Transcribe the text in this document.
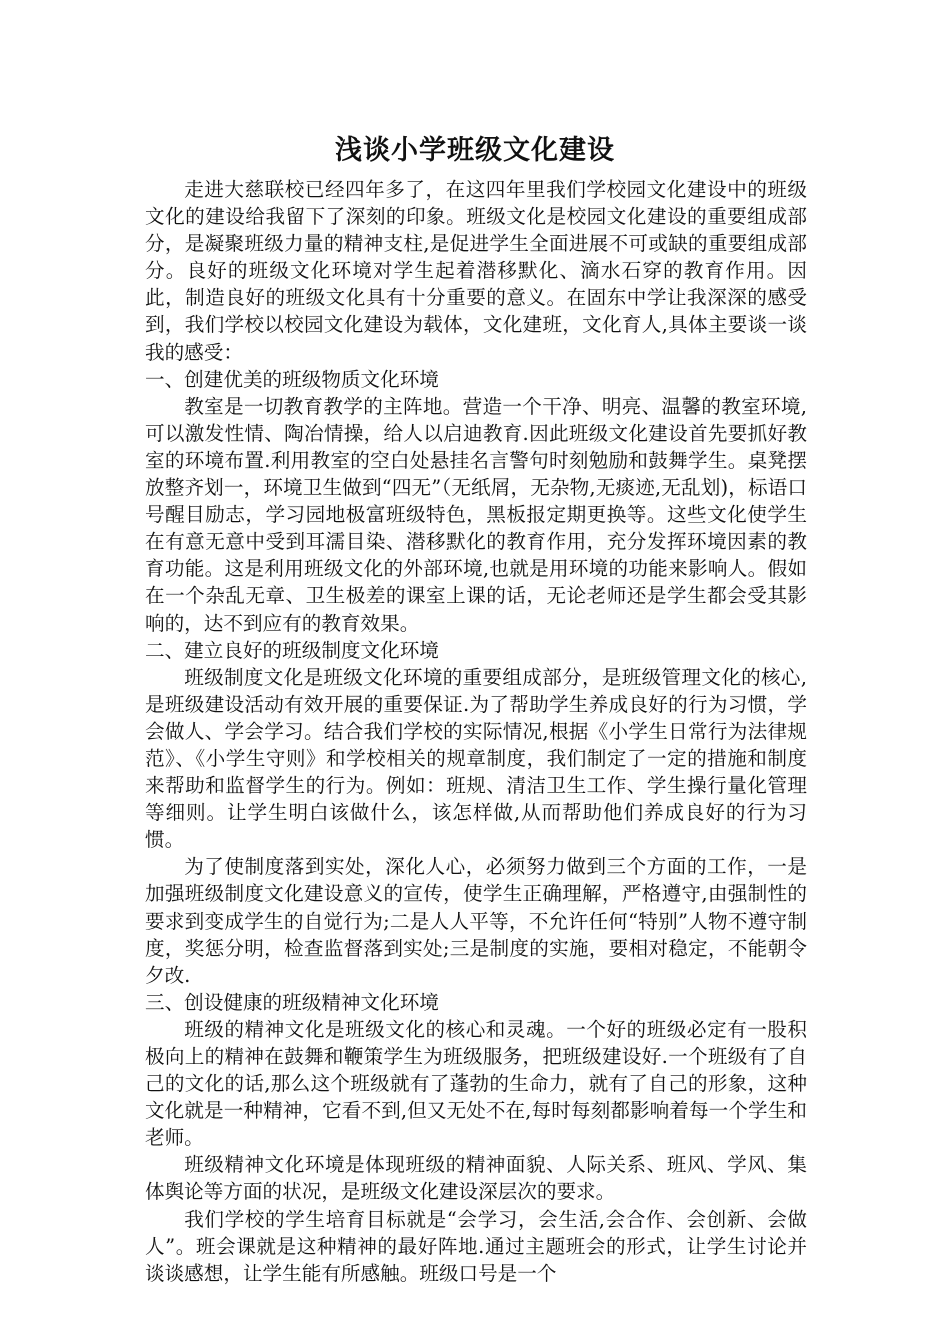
浅谈小学班级文化建设

走进大慈联校已经四年多了，在这四年里我们学校园文化建设中的班级文化的建设给我留下了深刻的印象。班级文化是校园文化建设的重要组成部分，是凝聚班级力量的精神支柱,是促进学生全面进展不可或缺的重要组成部分。良好的班级文化环境对学生起着潜移默化、滴水石穿的教育作用。因此，制造良好的班级文化具有十分重要的意义。在固东中学让我深深的感受到，我们学校以校园文化建设为载体，文化建班，文化育人,具体主要谈一谈我的感受：

一、创建优美的班级物质文化环境

教室是一切教育教学的主阵地。营造一个干净、明亮、温馨的教室环境,可以激发性情、陶冶情操，给人以启迪教育.因此班级文化建设首先要抓好教室的环境布置.利用教室的空白处悬挂名言警句时刻勉励和鼓舞学生。桌凳摆放整齐划一，环境卫生做到“四无”（无纸屑，无杂物,无痰迹,无乱划)，标语口号醒目励志，学习园地极富班级特色，黑板报定期更换等。这些文化使学生在有意无意中受到耳濡目染、潜移默化的教育作用，充分发挥环境因素的教育功能。这是利用班级文化的外部环境,也就是用环境的功能来影响人。假如在一个杂乱无章、卫生极差的课室上课的话，无论老师还是学生都会受其影响的，达不到应有的教育效果。

二、建立良好的班级制度文化环境

班级制度文化是班级文化环境的重要组成部分，是班级管理文化的核心,是班级建设活动有效开展的重要保证.为了帮助学生养成良好的行为习惯，学会做人、学会学习。结合我们学校的实际情况,根据《小学生日常行为法律规范》、《小学生守则》和学校相关的规章制度，我们制定了一定的措施和制度来帮助和监督学生的行为。例如：班规、清洁卫生工作、学生操行量化管理等细则。让学生明白该做什么，该怎样做,从而帮助他们养成良好的行为习惯。

为了使制度落到实处，深化人心，必须努力做到三个方面的工作，一是加强班级制度文化建设意义的宣传，使学生正确理解，严格遵守,由强制性的要求到变成学生的自觉行为;二是人人平等，不允许任何“特别”人物不遵守制度，奖惩分明，检查监督落到实处;三是制度的实施，要相对稳定，不能朝令夕改.

三、创设健康的班级精神文化环境

班级的精神文化是班级文化的核心和灵魂。一个好的班级必定有一股积极向上的精神在鼓舞和鞭策学生为班级服务，把班级建设好.一个班级有了自己的文化的话,那么这个班级就有了蓬勃的生命力，就有了自己的形象，这种文化就是一种精神，它看不到,但又无处不在,每时每刻都影响着每一个学生和老师。

班级精神文化环境是体现班级的精神面貌、人际关系、班风、学风、集体舆论等方面的状况，是班级文化建设深层次的要求。

我们学校的学生培育目标就是“会学习，会生活,会合作、会创新、会做人”。班会课就是这种精神的最好阵地.通过主题班会的形式，让学生讨论并谈谈感想，让学生能有所感触。班级口号是一个
